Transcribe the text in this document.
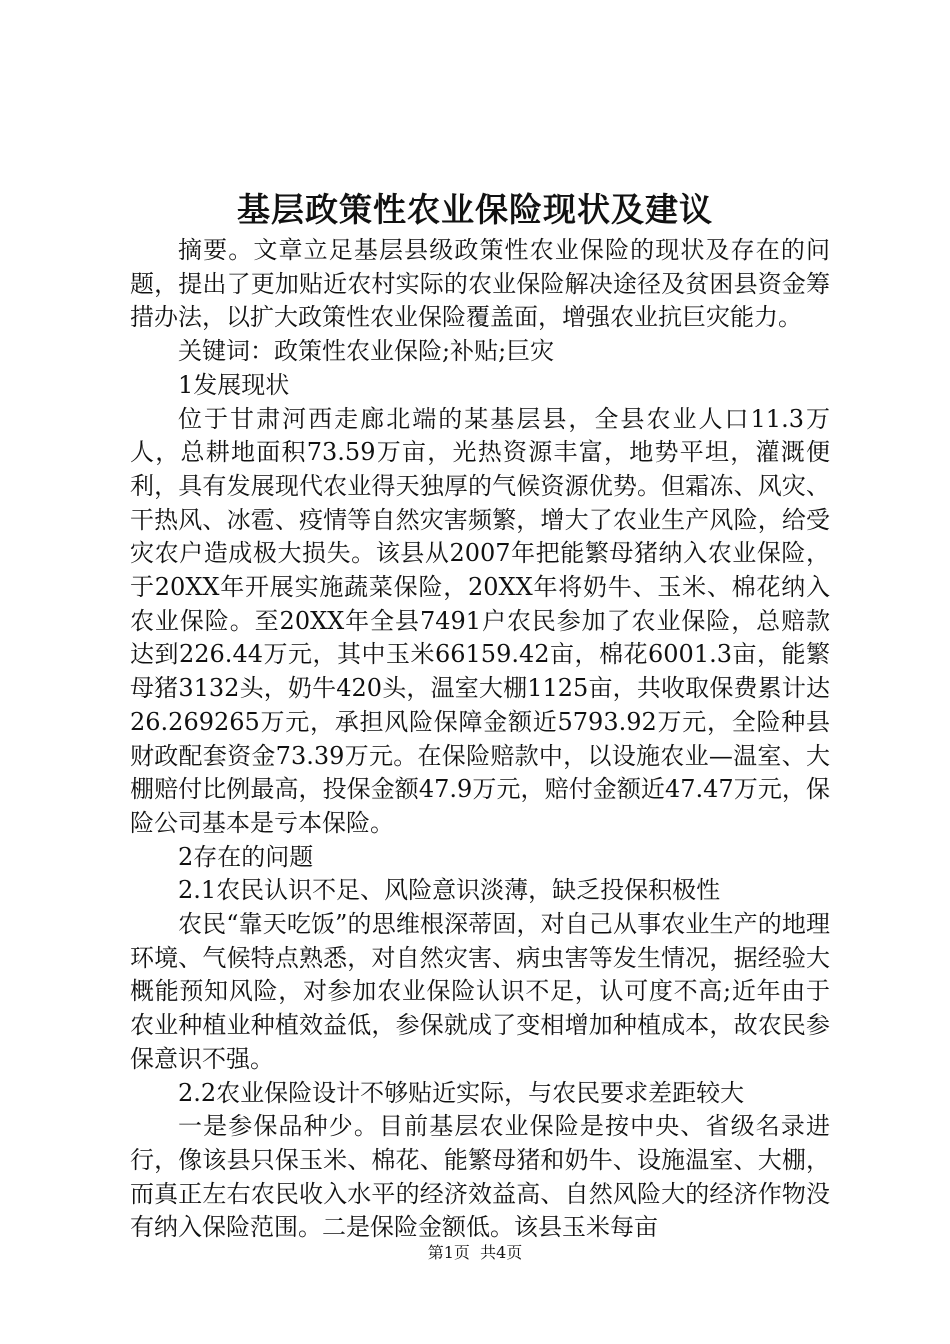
基层政策性农业保险现状及建议

摘要。文章立足基层县级政策性农业保险的现状及存在的问题，提出了更加贴近农村实际的农业保险解决途径及贫困县资金筹措办法，以扩大政策性农业保险覆盖面，增强农业抗巨灾能力。

关键词：政策性农业保险;补贴;巨灾

1发展现状

位于甘肃河西走廊北端的某基层县，全县农业人口11.3万人，总耕地面积73.59万亩，光热资源丰富，地势平坦，灌溉便利，具有发展现代农业得天独厚的气候资源优势。但霜冻、风灾、干热风、冰雹、疫情等自然灾害频繁，增大了农业生产风险，给受灾农户造成极大损失。该县从2007年把能繁母猪纳入农业保险，于20XX年开展实施蔬菜保险，20XX年将奶牛、玉米、棉花纳入农业保险。至20XX年全县7491户农民参加了农业保险，总赔款达到226.44万元，其中玉米66159.42亩，棉花6001.3亩，能繁母猪3132头，奶牛420头，温室大棚1125亩，共收取保费累计达26.269265万元，承担风险保障金额近5793.92万元，全险种县财政配套资金73.39万元。在保险赔款中，以设施农业—温室、大棚赔付比例最高，投保金额47.9万元，赔付金额近47.47万元，保险公司基本是亏本保险。

2存在的问题

2.1农民认识不足、风险意识淡薄，缺乏投保积极性

农民“靠天吃饭”的思维根深蒂固，对自己从事农业生产的地理环境、气候特点熟悉，对自然灾害、病虫害等发生情况，据经验大概能预知风险，对参加农业保险认识不足，认可度不高;近年由于农业种植业种植效益低，参保就成了变相增加种植成本，故农民参保意识不强。

2.2农业保险设计不够贴近实际，与农民要求差距较大

一是参保品种少。目前基层农业保险是按中央、省级名录进行，像该县只保玉米、棉花、能繁母猪和奶牛、设施温室、大棚，而真正左右农民收入水平的经济效益高、自然风险大的经济作物没有纳入保险范围。二是保险金额低。该县玉米每亩

第1页 共4页
